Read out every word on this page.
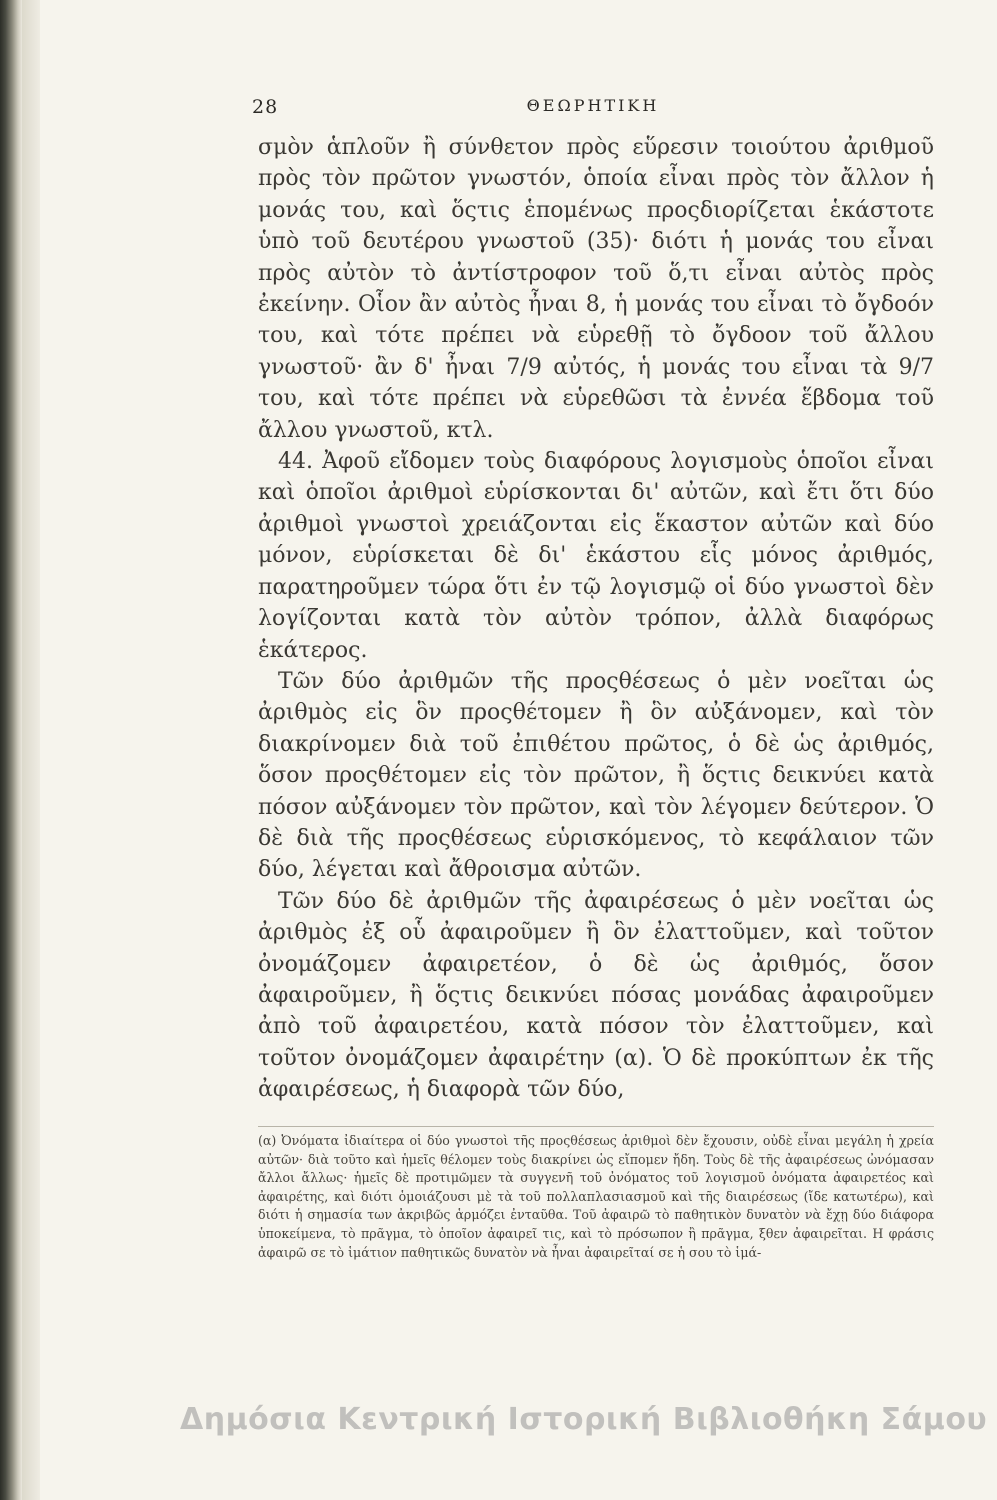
28	ΘΕΩΡΗΤΙΚΗ

σμὸν ἁπλοῦν ἢ σύνθετον πρὸς εὕρεσιν τοιούτου ἀριθμοῦ πρὸς τὸν πρῶτον γνωστόν, ὁποία εἶναι πρὸς τὸν ἄλλον ἡ μονάς του, καὶ ὅςτις ἑπομένως προςδιορίζεται ἑκάστοτε ὑπὸ τοῦ δευτέρου γνωστοῦ (35)· διότι ἡ μονάς του εἶναι πρὸς αὐτὸν τὸ ἀντίστροφον τοῦ ὅ,τι εἶναι αὐτὸς πρὸς ἐκείνην. Οἷον ἂν αὐτὸς ἦναι 8, ἡ μονάς του εἶναι τὸ ὄγδοόν του, καὶ τότε πρέπει νὰ εὑρεθῇ τὸ ὄγδοον τοῦ ἄλλου γνωστοῦ· ἂν δ' ἦναι 7/9 αὐτός, ἡ μονάς του εἶναι τὰ 9/7 του, καὶ τότε πρέπει νὰ εὑρεθῶσι τὰ ἐννέα ἕβδομα τοῦ ἄλλου γνωστοῦ, κτλ.

44. Ἀφοῦ εἴδομεν τοὺς διαφόρους λογισμοὺς ὁποῖοι εἶναι καὶ ὁποῖοι ἀριθμοὶ εὑρίσκονται δι' αὐτῶν, καὶ ἔτι ὅτι δύο ἀριθμοὶ γνωστοὶ χρειάζονται εἰς ἕκαστον αὐτῶν καὶ δύο μόνον, εὑρίσκεται δὲ δι' ἑκάστου εἷς μόνος ἀριθμός, παρατηροῦμεν τώρα ὅτι ἐν τῷ λογισμῷ οἱ δύο γνωστοὶ δὲν λογίζονται κατὰ τὸν αὐτὸν τρόπον, ἀλλὰ διαφόρως ἑκάτερος.

Τῶν δύο ἀριθμῶν τῆς προςθέσεως ὁ μὲν νοεῖται ὡς ἀριθμὸς εἰς ὃν προςθέτομεν ἢ ὃν αὐξάνομεν, καὶ τὸν διακρίνομεν διὰ τοῦ ἐπιθέτου πρῶτος, ὁ δὲ ὡς ἀριθμός, ὅσον προςθέτομεν εἰς τὸν πρῶτον, ἢ ὅςτις δεικνύει κατὰ πόσον αὐξάνομεν τὸν πρῶτον, καὶ τὸν λέγομεν δεύτερον. Ὁ δὲ διὰ τῆς προςθέσεως εὑρισκόμενος, τὸ κεφάλαιον τῶν δύο, λέγεται καὶ ἄθροισμα αὐτῶν.

Τῶν δύο δὲ ἀριθμῶν τῆς ἀφαιρέσεως ὁ μὲν νοεῖται ὡς ἀριθμὸς ἐξ οὗ ἀφαιροῦμεν ἢ ὃν ἐλαττοῦμεν, καὶ τοῦτον ὀνομάζομεν ἀφαιρετέον, ὁ δὲ ὡς ἀριθμός, ὅσον ἀφαιροῦμεν, ἢ ὅςτις δεικνύει πόσας μονάδας ἀφαιροῦμεν ἀπὸ τοῦ ἀφαιρετέου, κατὰ πόσον τὸν ἐλαττοῦμεν, καὶ τοῦτον ὀνομάζομεν ἀφαιρέτην (α). Ὁ δὲ προκύπτων ἐκ τῆς ἀφαιρέσεως, ἡ διαφορὰ τῶν δύο,

(α) Ὀνόματα ἰδιαίτερα οἱ δύο γνωστοὶ τῆς προςθέσεως ἀριθμοὶ δὲν ἔχουσιν, οὐδὲ εἶναι μεγάλη ἡ χρεία αὐτῶν· διὰ τοῦτο καὶ ἡμεῖς θέλομεν τοὺς διακρίνει ὡς εἴπομεν ἤδη. Τοὺς δὲ τῆς ἀφαιρέσεως ὠνόμασαν ἄλλοι ἄλλως· ἡμεῖς δὲ προτιμῶμεν τὰ συγγενῆ τοῦ ὀνόματος τοῦ λογισμοῦ ὀνόματα ἀφαιρετέος καὶ ἀφαιρέτης, καὶ διότι ὁμοιάζουσι μὲ τὰ τοῦ πολλαπλασιασμοῦ καὶ τῆς διαιρέσεως (ἴδε κατωτέρω), καὶ διότι ἡ σημασία των ἀκριβῶς ἁρμόζει ἐνταῦθα. Τοῦ ἀφαιρῶ τὸ παθητικὸν δυνατὸν νὰ ἔχῃ δύο διάφορα ὑποκείμενα, τὸ πρᾶγμα, τὸ ὁποῖον ἀφαιρεῖ τις, καὶ τὸ πρόσωπον ἢ πρᾶγμα, ξθεν ἀφαιρεῖται. Η φράσις ἀφαιρῶ σε τὸ ἱμάτιον παθητικῶς δυνατὸν νὰ ἦναι ἀφαιρεῖταί σε ἡ σου τὸ ἱμά-

Δημόσια Κεντρική Ιστορική Βιβλιοθήκη Σάμου
